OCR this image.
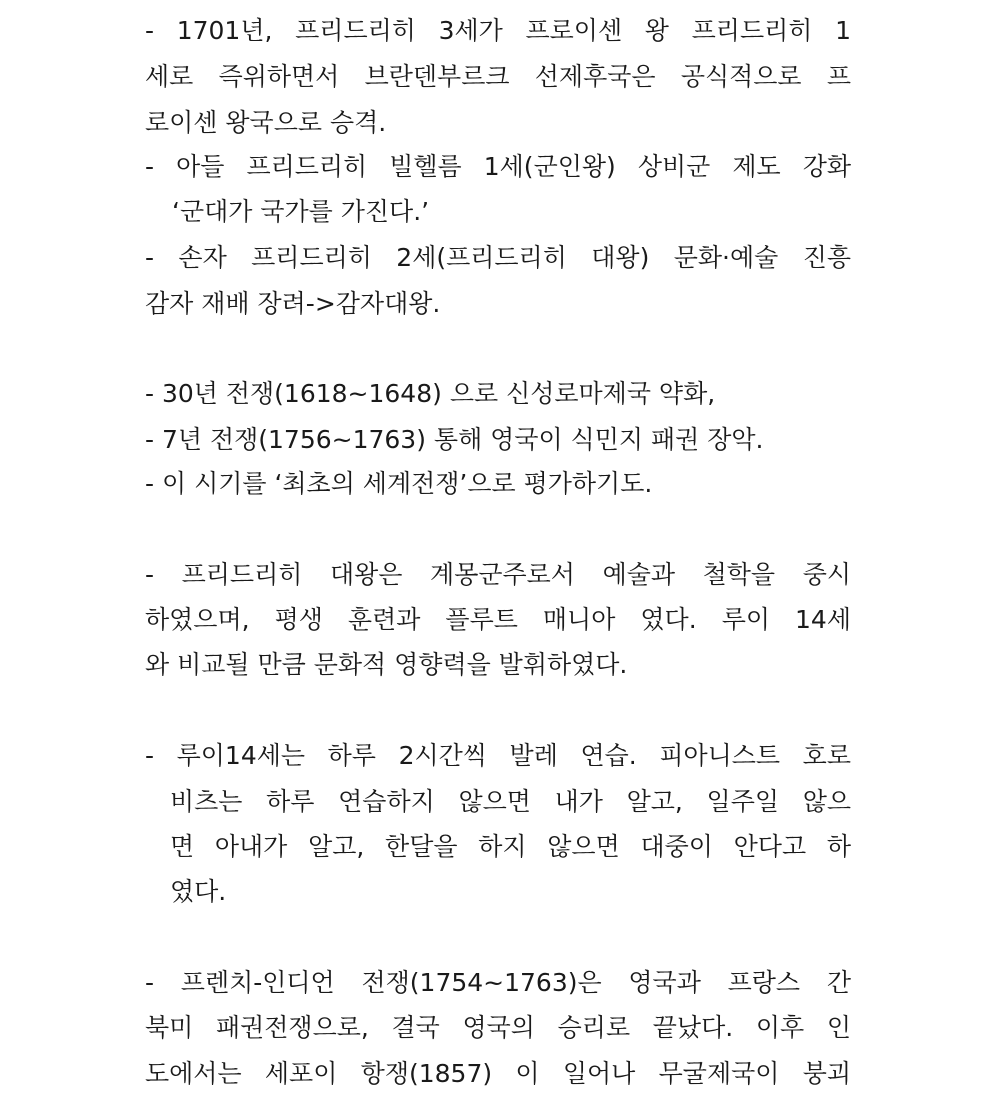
- 1701년, 프리드리히 3세가 프로이센 왕 프리드리히 1

세로 즉위하면서 브란덴부르크 선제후국은 공식적으로 프

로이센 왕국으로 승격.

- 아들 프리드리히 빌헬름 1세(군인왕) 상비군 제도 강화

‘군대가 국가를 가진다.’

- 손자 프리드리히 2세(프리드리히 대왕) 문화·예술 진흥

감자 재배 장려->감자대왕.

- 30년 전쟁(1618~1648) 으로 신성로마제국 약화,

- 7년 전쟁(1756~1763) 통해 영국이 식민지 패권 장악.

- 이 시기를 ‘최초의 세계전쟁’으로 평가하기도.

- 프리드리히 대왕은 계몽군주로서 예술과 철학을 중시

하였으며, 평생 훈련과 플루트 매니아 였다. 루이 14세

와 비교될 만큼 문화적 영향력을 발휘하였다.

- 루이14세는 하루 2시간씩 발레 연습. 피아니스트 호로

비츠는 하루 연습하지 않으면 내가 알고, 일주일 않으

면 아내가 알고, 한달을 하지 않으면 대중이 안다고 하

였다.

- 프렌치-인디언 전쟁(1754~1763)은 영국과 프랑스 간

북미 패권전쟁으로, 결국 영국의 승리로 끝났다. 이후 인

도에서는 세포이 항쟁(1857) 이 일어나 무굴제국이 붕괴
